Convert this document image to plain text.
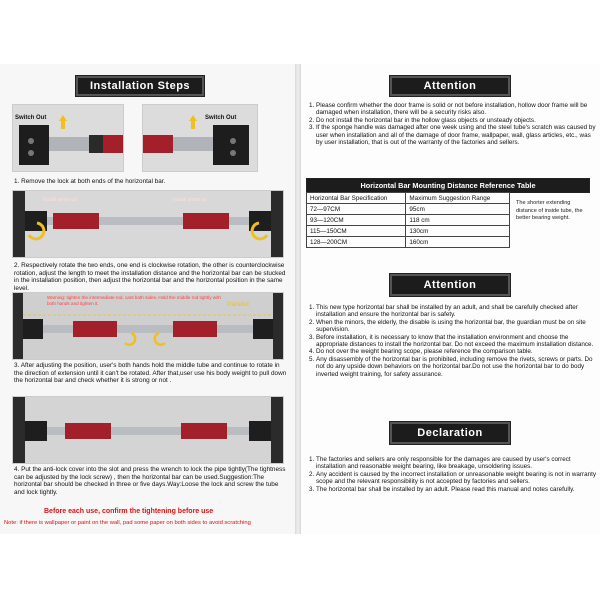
Installation Steps
Switch Out	Switch Out
1. Remove the lock at both ends of the horizontal bar.
Install arrow up	Install arrow up
2. Respectively rotate the two ends, one end is clockwise rotation, the other is counterclockwise rotation, adjust the length to meet the installation distance and the horizontal bar can be stucked in the installation position, then adjust the horizontal bar and the horizontal position in the same level.
Warning: tighten the intermediate rod, cant both sides. Hold the middle rod tightly with both hands and tighten it.	Parallel
3. After adjusting the position, user's both hands hold the middle tube and continue to rotate in the direction of extension until it can't be rotated. After that,user use his body weight to pull down the horizontal bar and check whether it is strong or not .
4. Put the anti-lock cover into the slot and press the wrench to lock the pipe tightly(The tightness can be adjusted by the lock screw) , then the horizontal bar can be used.Suggestion:The horizontal bar should be checked in three or five days.Way:Loose the lock and screw the tube and lock tightly.
Before each use, confirm the tightening before use
Note: if there is wallpaper or paint on the wall, pad some paper on both sides to avoid scratching
Attention
1. Please confirm whether the door frame is solid or not before installation, hollow door frame will be damaged when installation, there will be a security risks also.
2. Do not install the horizontal bar in the hollow glass objects or unsteady objects.
3. If the sponge handle was damaged after one week using and the steel tube's scratch was caused by user when installation and all of the damage of door frame, wallpaper, wall, glass articles, etc., was by user installation, that is out of the warranty of the factories and sellers.
Horizontal Bar Mounting Distance Reference Table
Horizontal Bar Specification	Maximum Suggestion Range
72—97CM	95cm
93—120CM	118 cm
115—150CM	130cm
128—200CM	160cm
The shorter extending distance of inside tube, the better bearing weight.
Attention
1. This new type horizontal bar shall be installed by an adult, and shall be carefully checked after installation and ensure the horizontal bar is safety.
2. When the minors, the elderly, the disable is using the horizontal bar, the guardian must be on site supervision.
3. Before installation, it is necessary to know that the installation environment and choose the appropriate distances to install the horizontal bar. Do not exceed the maximum installation distance.
4. Do not over the weight bearing scope, please reference the comparison table.
5. Any disassembly of the horizontal bar is prohibited, including remove the rivets, screws or parts. Do not do any upside down behaviors on the horizontal bar.Do not use the horizontal bar to do body inverted weight training, for safety assurance.
Declaration
1. The factories and sellers are only responsible for the damages are caused by user's correct installation and reasonable weight bearing, like breakage, unsoldering issues.
2. Any accident is caused by the incorrect installation or unreasonable weight bearing is not in warranty scope and the relevant responsibility is not accepted by factories and sellers.
3. The horizontal bar shall be installed by an adult. Please read this manual and notes carefully.
